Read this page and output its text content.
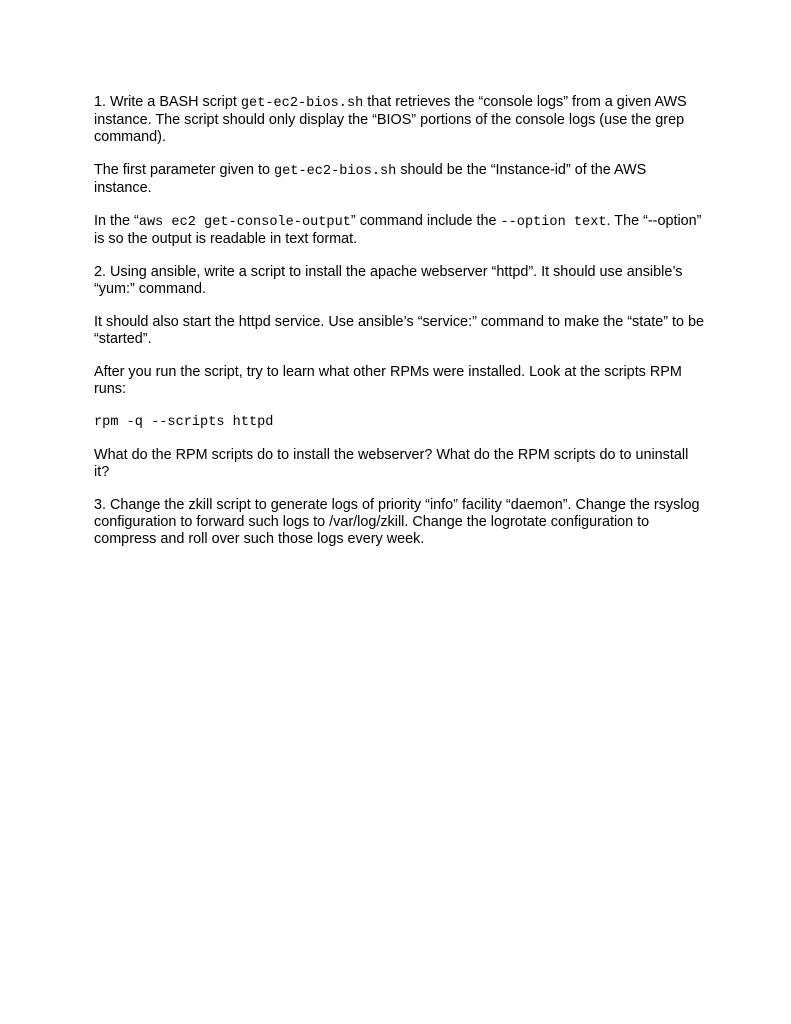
1. Write a BASH script get-ec2-bios.sh that retrieves the “console logs” from a given AWS instance. The script should only display the “BIOS” portions of the console logs (use the grep command).

The first parameter given to get-ec2-bios.sh should be the “Instance-id” of the AWS instance.

In the “aws ec2 get-console-output” command include the --option text. The “--option” is so the output is readable in text format.

2. Using ansible, write a script to install the apache webserver “httpd”. It should use ansible’s “yum:” command.

It should also start the httpd service. Use ansible’s “service:” command to make the “state” to be “started”.

After you run the script, try to learn what other RPMs were installed. Look at the scripts RPM runs:

rpm -q --scripts httpd

What do the RPM scripts do to install the webserver? What do the RPM scripts do to uninstall it?

3. Change the zkill script to generate logs of priority “info” facility “daemon”. Change the rsyslog configuration to forward such logs to /var/log/zkill. Change the logrotate configuration to compress and roll over such those logs every week.
